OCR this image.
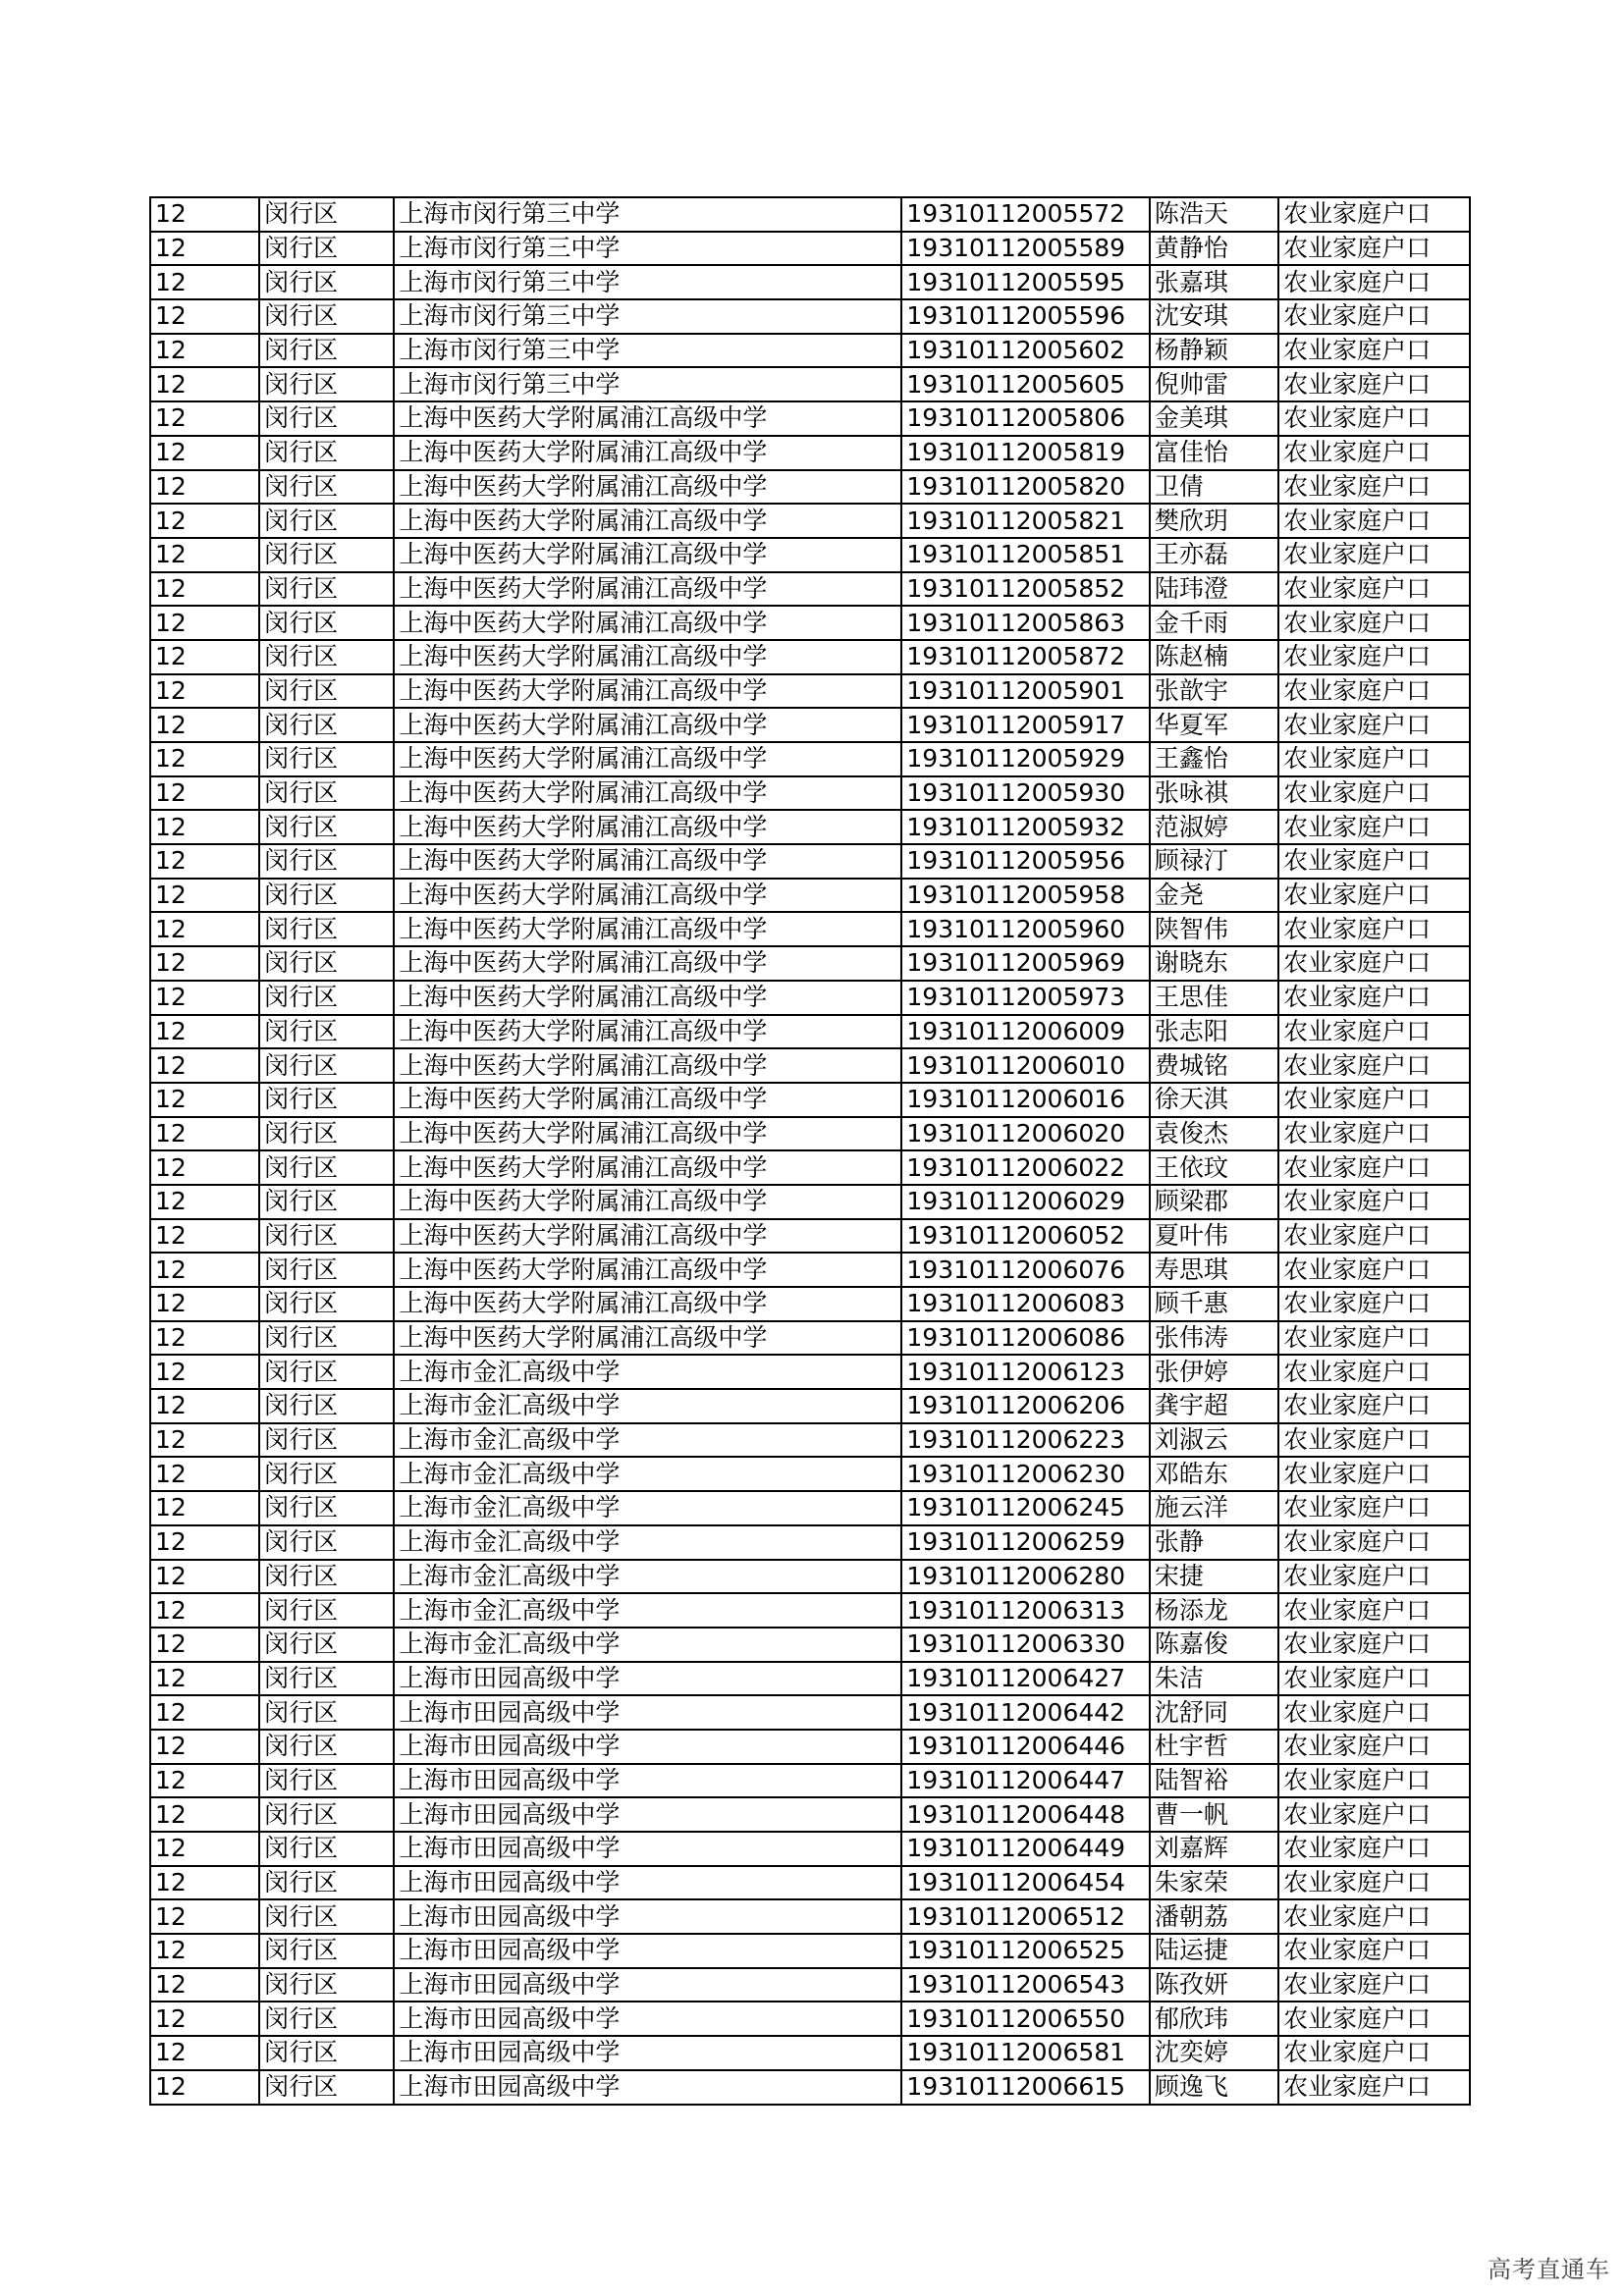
12	闵行区	上海市闵行第三中学	19310112005572	陈浩天	农业家庭户口
12	闵行区	上海市闵行第三中学	19310112005589	黄静怡	农业家庭户口
12	闵行区	上海市闵行第三中学	19310112005595	张嘉琪	农业家庭户口
12	闵行区	上海市闵行第三中学	19310112005596	沈安琪	农业家庭户口
12	闵行区	上海市闵行第三中学	19310112005602	杨静颖	农业家庭户口
12	闵行区	上海市闵行第三中学	19310112005605	倪帅雷	农业家庭户口
12	闵行区	上海中医药大学附属浦江高级中学	19310112005806	金美琪	农业家庭户口
12	闵行区	上海中医药大学附属浦江高级中学	19310112005819	富佳怡	农业家庭户口
12	闵行区	上海中医药大学附属浦江高级中学	19310112005820	卫倩	农业家庭户口
12	闵行区	上海中医药大学附属浦江高级中学	19310112005821	樊欣玥	农业家庭户口
12	闵行区	上海中医药大学附属浦江高级中学	19310112005851	王亦磊	农业家庭户口
12	闵行区	上海中医药大学附属浦江高级中学	19310112005852	陆玮澄	农业家庭户口
12	闵行区	上海中医药大学附属浦江高级中学	19310112005863	金千雨	农业家庭户口
12	闵行区	上海中医药大学附属浦江高级中学	19310112005872	陈赵楠	农业家庭户口
12	闵行区	上海中医药大学附属浦江高级中学	19310112005901	张歆宇	农业家庭户口
12	闵行区	上海中医药大学附属浦江高级中学	19310112005917	华夏军	农业家庭户口
12	闵行区	上海中医药大学附属浦江高级中学	19310112005929	王鑫怡	农业家庭户口
12	闵行区	上海中医药大学附属浦江高级中学	19310112005930	张咏祺	农业家庭户口
12	闵行区	上海中医药大学附属浦江高级中学	19310112005932	范淑婷	农业家庭户口
12	闵行区	上海中医药大学附属浦江高级中学	19310112005956	顾禄汀	农业家庭户口
12	闵行区	上海中医药大学附属浦江高级中学	19310112005958	金尧	农业家庭户口
12	闵行区	上海中医药大学附属浦江高级中学	19310112005960	陕智伟	农业家庭户口
12	闵行区	上海中医药大学附属浦江高级中学	19310112005969	谢晓东	农业家庭户口
12	闵行区	上海中医药大学附属浦江高级中学	19310112005973	王思佳	农业家庭户口
12	闵行区	上海中医药大学附属浦江高级中学	19310112006009	张志阳	农业家庭户口
12	闵行区	上海中医药大学附属浦江高级中学	19310112006010	费城铭	农业家庭户口
12	闵行区	上海中医药大学附属浦江高级中学	19310112006016	徐天淇	农业家庭户口
12	闵行区	上海中医药大学附属浦江高级中学	19310112006020	袁俊杰	农业家庭户口
12	闵行区	上海中医药大学附属浦江高级中学	19310112006022	王依玟	农业家庭户口
12	闵行区	上海中医药大学附属浦江高级中学	19310112006029	顾梁郡	农业家庭户口
12	闵行区	上海中医药大学附属浦江高级中学	19310112006052	夏叶伟	农业家庭户口
12	闵行区	上海中医药大学附属浦江高级中学	19310112006076	寿思琪	农业家庭户口
12	闵行区	上海中医药大学附属浦江高级中学	19310112006083	顾千惠	农业家庭户口
12	闵行区	上海中医药大学附属浦江高级中学	19310112006086	张伟涛	农业家庭户口
12	闵行区	上海市金汇高级中学	19310112006123	张伊婷	农业家庭户口
12	闵行区	上海市金汇高级中学	19310112006206	龚宇超	农业家庭户口
12	闵行区	上海市金汇高级中学	19310112006223	刘淑云	农业家庭户口
12	闵行区	上海市金汇高级中学	19310112006230	邓皓东	农业家庭户口
12	闵行区	上海市金汇高级中学	19310112006245	施云洋	农业家庭户口
12	闵行区	上海市金汇高级中学	19310112006259	张静	农业家庭户口
12	闵行区	上海市金汇高级中学	19310112006280	宋捷	农业家庭户口
12	闵行区	上海市金汇高级中学	19310112006313	杨添龙	农业家庭户口
12	闵行区	上海市金汇高级中学	19310112006330	陈嘉俊	农业家庭户口
12	闵行区	上海市田园高级中学	19310112006427	朱洁	农业家庭户口
12	闵行区	上海市田园高级中学	19310112006442	沈舒同	农业家庭户口
12	闵行区	上海市田园高级中学	19310112006446	杜宇哲	农业家庭户口
12	闵行区	上海市田园高级中学	19310112006447	陆智裕	农业家庭户口
12	闵行区	上海市田园高级中学	19310112006448	曹一帆	农业家庭户口
12	闵行区	上海市田园高级中学	19310112006449	刘嘉辉	农业家庭户口
12	闵行区	上海市田园高级中学	19310112006454	朱家荣	农业家庭户口
12	闵行区	上海市田园高级中学	19310112006512	潘朝荔	农业家庭户口
12	闵行区	上海市田园高级中学	19310112006525	陆运捷	农业家庭户口
12	闵行区	上海市田园高级中学	19310112006543	陈孜妍	农业家庭户口
12	闵行区	上海市田园高级中学	19310112006550	郁欣玮	农业家庭户口
12	闵行区	上海市田园高级中学	19310112006581	沈奕婷	农业家庭户口
12	闵行区	上海市田园高级中学	19310112006615	顾逸飞	农业家庭户口
高考直通车
